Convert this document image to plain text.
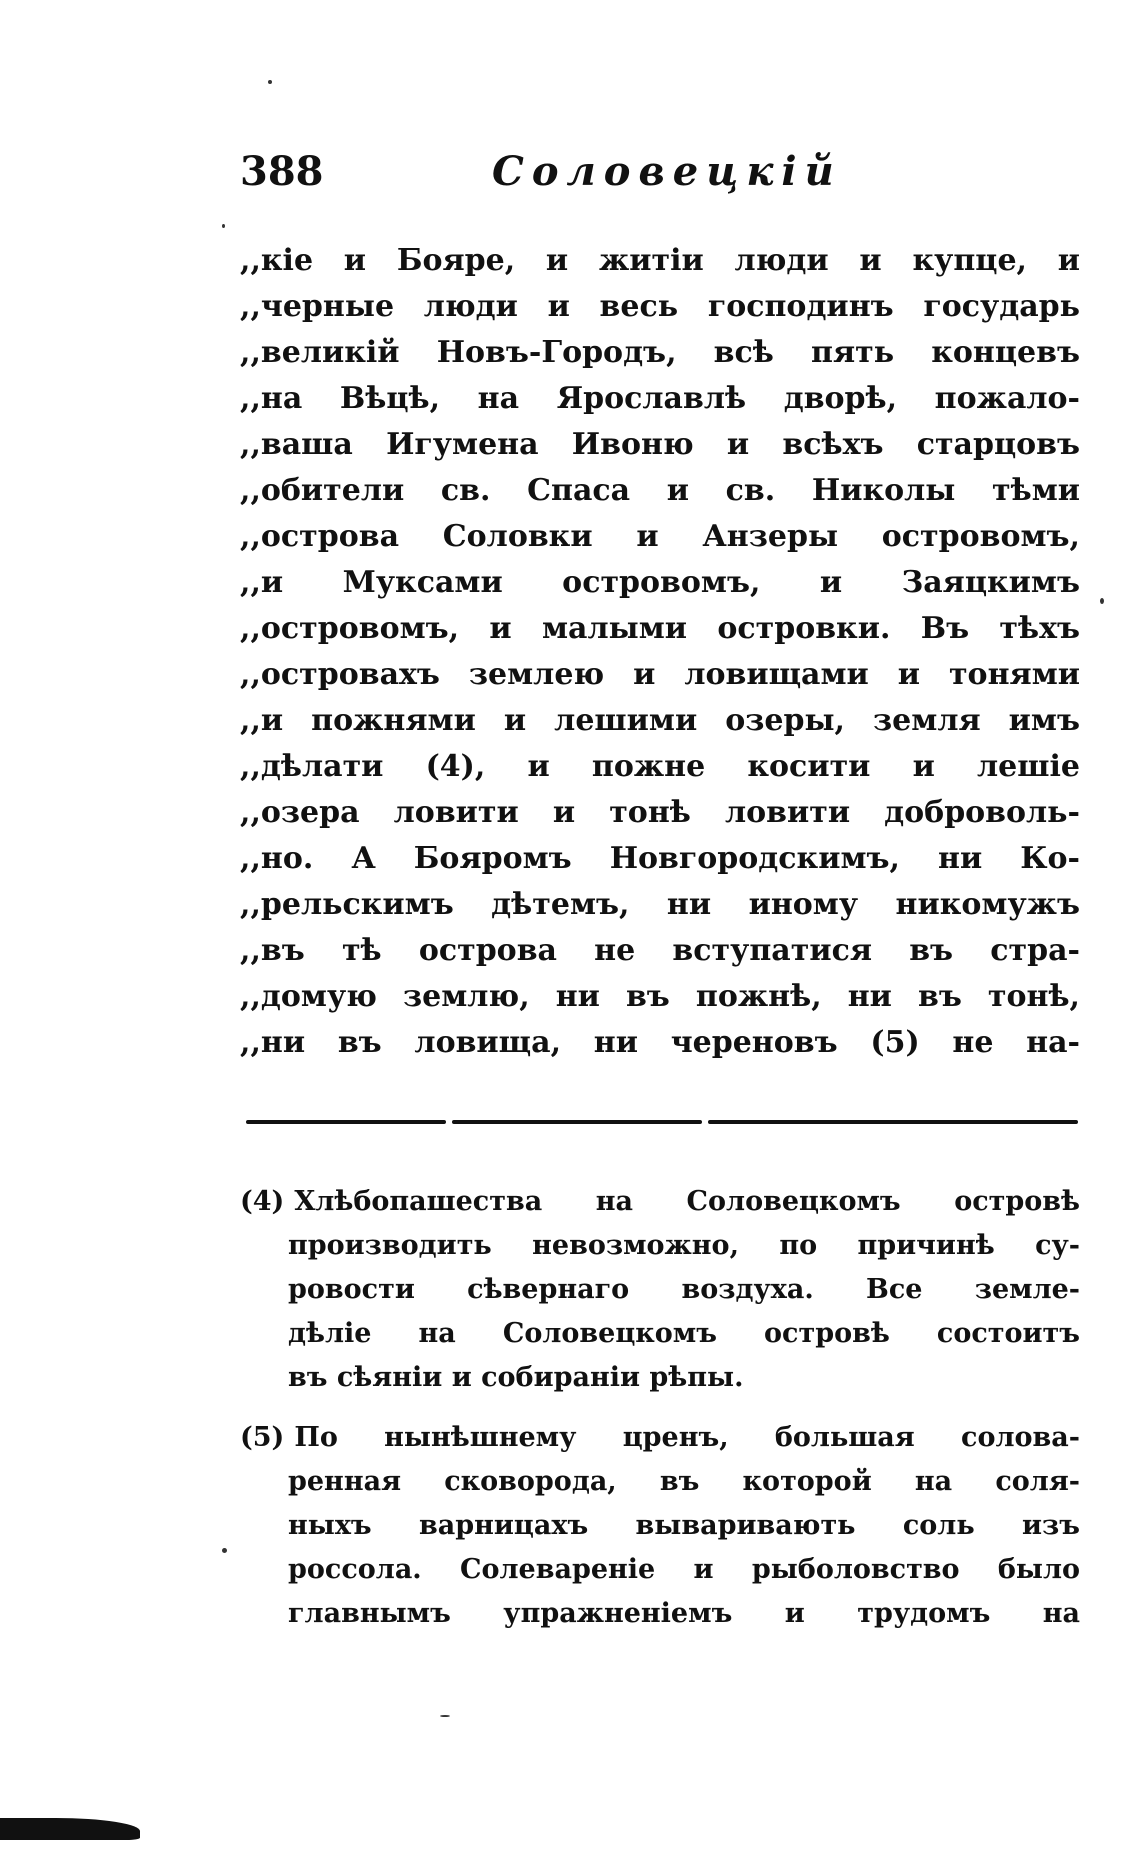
388	Соловецкій
,,кіе и Бояре, и житіи люди и купце, и
,,черные люди и весь господинъ государь
,,великій Новъ-Городъ, всѣ пять концевъ
,,на Вѣцѣ, на Ярославлѣ дворѣ, пожало-
,,ваша Игумена Ивоню и всѣхъ старцовъ
,,обители св. Спаса и св. Николы тѣми
,,острова Соловки и Анзеры островомъ,
,,и Муксами островомъ, и Заяцкимъ
,,островомъ, и малыми островки. Въ тѣхъ
,,островахъ землею и ловищами и тонями
,,и пожнями и лешими озеры, земля имъ
,,дѣлати (4), и пожне косити и лешіе
,,озера ловити и тонѣ ловити доброволь-
,,но. А Бояромъ Новгородскимъ, ни Ко-
,,рельскимъ дѣтемъ, ни иному никомужъ
,,въ тѣ острова не вступатися въ стра-
,,домую землю, ни въ пожнѣ, ни въ тонѣ,
,,ни въ ловища, ни череновъ (5) не на-
(4) Хлѣбопашества на Соловецкомъ островѣ
производить невозможно, по причинѣ су-
ровости сѣвернаго воздуха. Все земле-
дѣліе на Соловецкомъ островѣ состоитъ
въ сѣяніи и собираніи рѣпы.
(5) По нынѣшнему цренъ, большая солова-
ренная сковорода, въ которой на соля-
ныхъ варницахъ вываривають соль изъ
россола. Солевареніе и рыболовство было
главнымъ упражненіемъ и трудомъ на
